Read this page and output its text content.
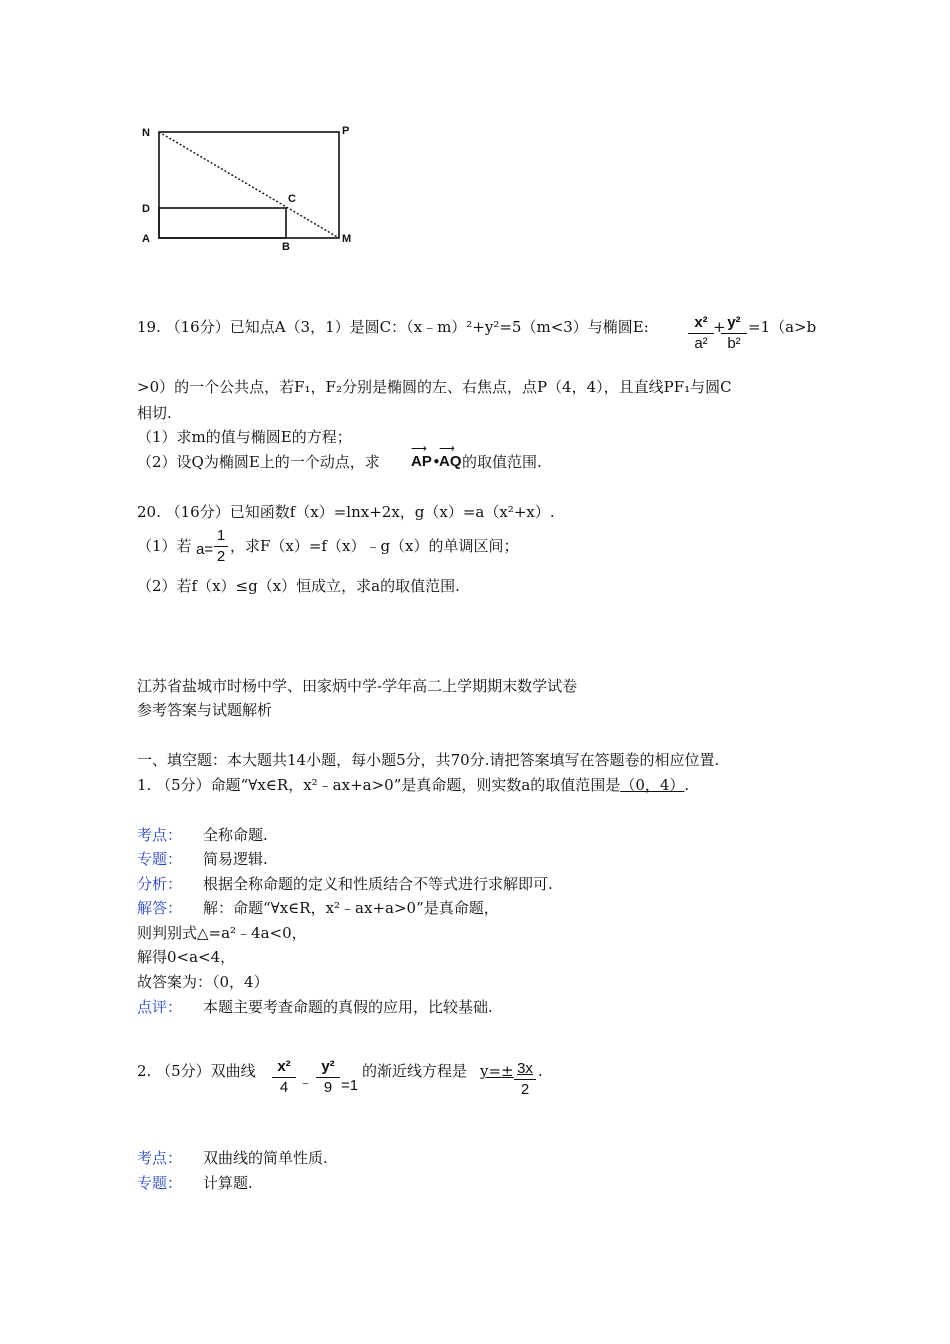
N	P
D
C
A
B
M
19. （16分）已知点A（3，1）是圆C：（x﹣m）²+y²=5（m<3）与椭圆E:	x²
a²
+ y²
b²
=1（a>b
>0）的一个公共点，若F₁，F₂分别是椭圆的左、右焦点，点P（4，4），且直线PF₁与圆C
相切.
（1）求m的值与椭圆E的方程；
（2）设Q为椭圆E上的一个动点，求
⟶
AP •
⟶
AQ 的取值范围.
20. （16分）已知函数f（x）=lnx+2x，g（x）=a（x²+x）.
（1）若 a=
1
2
，求F（x）=f（x）﹣g（x）的单调区间；
（2）若f（x）≤g（x）恒成立，求a的取值范围.
江苏省盐城市时杨中学、田家炳中学-学年高二上学期期末数学试卷
参考答案与试题解析
一、填空题：本大题共14小题，每小题5分，共70分.请把答案填写在答题卷的相应位置.
1. （5分）命题“∀x∈R，x²﹣ax+a>0”是真命题，则实数a的取值范围是（0，4）.
考点： 全称命题.
专题： 简易逻辑.
分析： 根据全称命题的定义和性质结合不等式进行求解即可.
解答： 解：命题“∀x∈R，x²﹣ax+a>0”是真命题，
则判别式△=a²﹣4a<0，
解得0<a<4，
故答案为：（0，4）
点评： 本题主要考查命题的真假的应用，比较基础.
2. （5分）双曲线	x²
4 ﹣
y²
9 =1
的渐近线方程是 $y=\pm \frac{3x}{2}$ .
考点： 双曲线的简单性质.
专题： 计算题.
